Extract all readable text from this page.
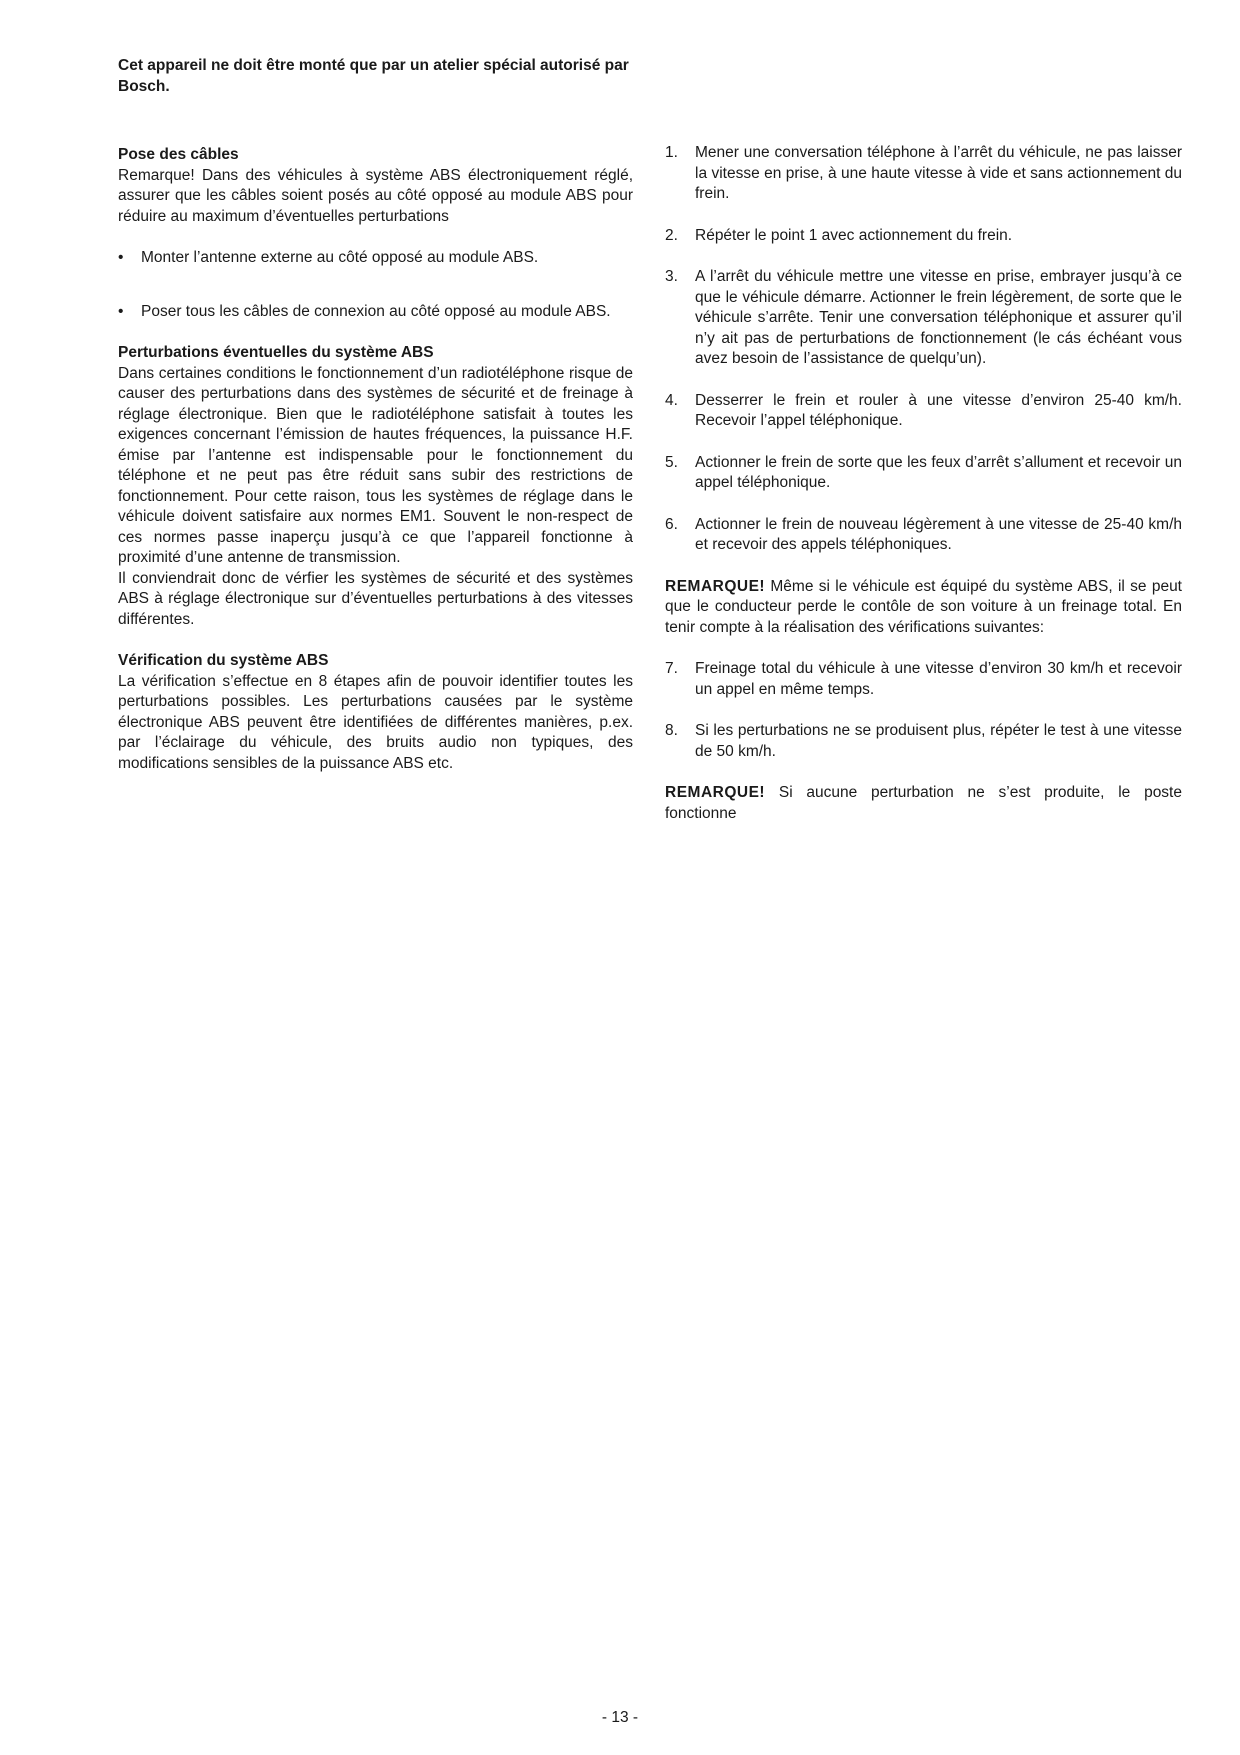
Cet appareil ne doit être monté que par un atelier spécial autorisé par Bosch.
Pose des câbles

Remarque! Dans des véhicules à système ABS électroniquement réglé, assurer que les câbles soient posés au côté opposé au module ABS pour réduire au maximum d’éventuelles perturbations

•	Monter l’antenne externe au côté opposé au module ABS.
•	Poser tous les câbles de connexion au côté opposé au module ABS.
Perturbations éventuelles du système ABS

Dans certaines conditions le fonctionnement d’un radiotéléphone risque de causer des perturbations dans des systèmes de sécurité et de freinage à réglage électronique. Bien que le radiotéléphone satisfait à toutes les exigences concernant l’émission de hautes fréquences, la puissance H.F. émise par l’antenne est indispensable pour le fonctionnement du téléphone et ne peut pas être réduit sans subir des restrictions de fonctionnement. Pour cette raison, tous les systèmes de réglage dans le véhicule doivent satisfaire aux normes EM1. Souvent le non-respect de ces normes passe inaperçu jusqu’à ce que l’appareil fonctionne à proximité d’une antenne de transmission.

Il conviendrait donc de vérfier les systèmes de sécurité et des systèmes ABS à réglage électronique sur d’éventuelles perturbations à des vitesses différentes.

Vérification du système ABS

La vérification s’effectue en 8 étapes afin de pouvoir identifier toutes les perturbations possibles. Les perturbations causées par le système électronique ABS peuvent être identifiées de différentes manières, p.ex. par l’éclairage du véhicule, des bruits audio non typiques, des modifications sensibles de la puissance ABS etc.

1.	Mener une conversation téléphone à l’arrêt du véhicule, ne pas laisser la vitesse en prise, à une haute vitesse à vide et sans actionnement du frein.
2.	Répéter le point 1 avec actionnement du frein.
3.	A l’arrêt du véhicule mettre une vitesse en prise, embrayer jusqu’à ce que le véhicule démarre. Actionner le frein légèrement, de sorte que le véhicule s’arrête. Tenir une conversation téléphonique et assurer qu’il n’y ait pas de perturbations de fonctionnement (le cás échéant vous avez besoin de l’assistance de quelqu’un).
4.	Desserrer le frein et rouler à une vitesse d’environ 25-40 km/h. Recevoir l’appel téléphonique.
5.	Actionner le frein de sorte que les feux d’arrêt s’allument et recevoir un appel téléphonique.
6.	Actionner le frein de nouveau légèrement à une vitesse de 25-40 km/h et recevoir des appels téléphoniques.

REMARQUE! Même si le véhicule est équipé du système ABS, il se peut que le conducteur perde le contôle de son voiture à un freinage total. En tenir compte à la réalisation des vérifications suivantes:

7.	Freinage total du véhicule à une vitesse d’environ 30 km/h et recevoir un appel en même temps.
8.	Si les perturbations ne se produisent plus, répéter le test à une vitesse de 50 km/h.

REMARQUE! Si aucune perturbation ne s’est produite, le poste fonctionne

- 13 -
